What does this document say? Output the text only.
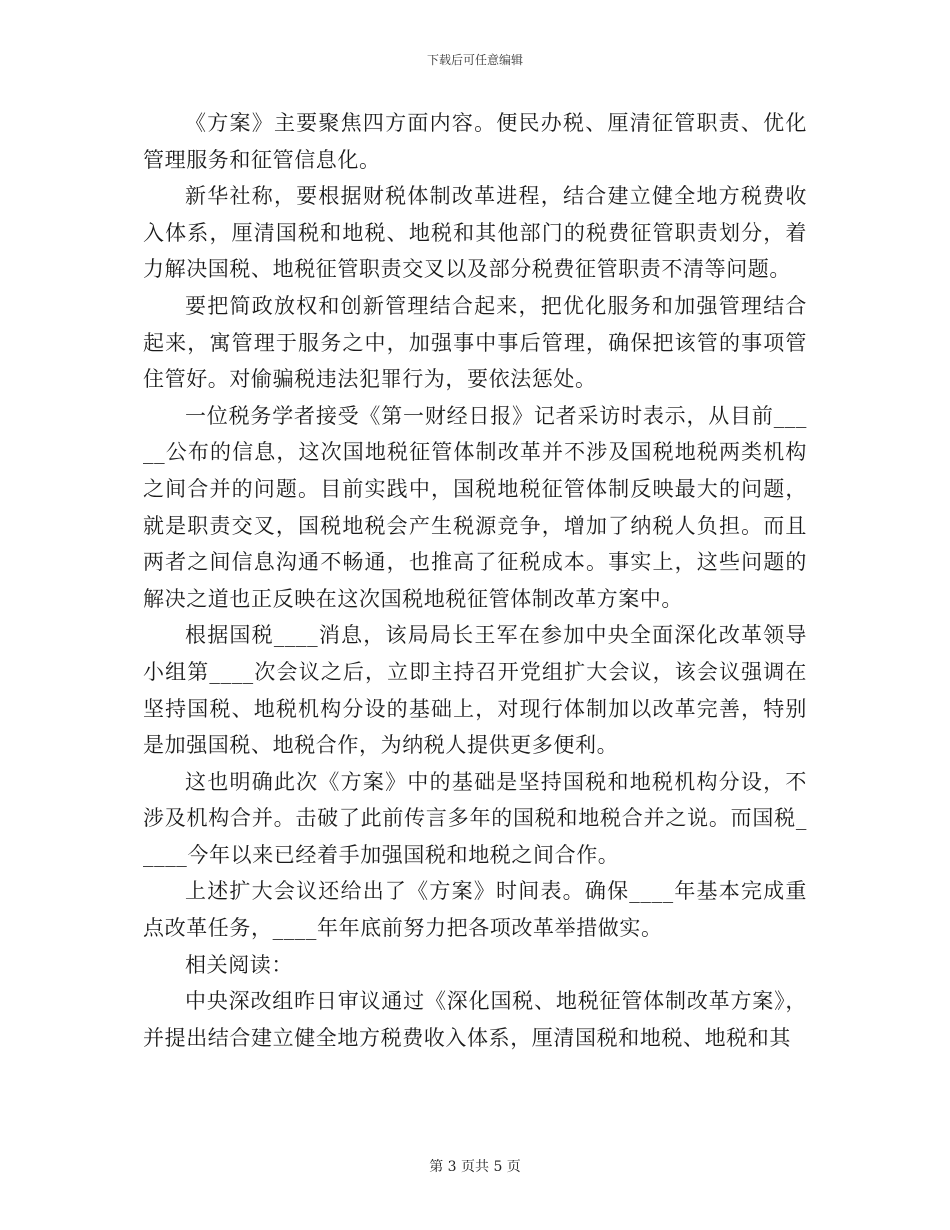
下载后可任意编辑

《方案》主要聚焦四方面内容。便民办税、厘清征管职责、优化管理服务和征管信息化。

新华社称，要根据财税体制改革进程，结合建立健全地方税费收入体系，厘清国税和地税、地税和其他部门的税费征管职责划分，着力解决国税、地税征管职责交叉以及部分税费征管职责不清等问题。

要把简政放权和创新管理结合起来，把优化服务和加强管理结合起来，寓管理于服务之中，加强事中事后管理，确保把该管的事项管住管好。对偷骗税违法犯罪行为，要依法惩处。

一位税务学者接受《第一财经日报》记者采访时表示，从目前_____公布的信息，这次国地税征管体制改革并不涉及国税地税两类机构之间合并的问题。目前实践中，国税地税征管体制反映最大的问题，就是职责交叉，国税地税会产生税源竞争，增加了纳税人负担。而且两者之间信息沟通不畅通，也推高了征税成本。事实上，这些问题的解决之道也正反映在这次国税地税征管体制改革方案中。

根据国税____消息，该局局长王军在参加中央全面深化改革领导小组第____次会议之后，立即主持召开党组扩大会议，该会议强调在坚持国税、地税机构分设的基础上，对现行体制加以改革完善，特别是加强国税、地税合作，为纳税人提供更多便利。

这也明确此次《方案》中的基础是坚持国税和地税机构分设，不涉及机构合并。击破了此前传言多年的国税和地税合并之说。而国税_____今年以来已经着手加强国税和地税之间合作。

上述扩大会议还给出了《方案》时间表。确保____年基本完成重点改革任务，____年年底前努力把各项改革举措做实。

相关阅读：

中央深改组昨日审议通过《深化国税、地税征管体制改革方案》，并提出结合建立健全地方税费收入体系，厘清国税和地税、地税和其

第 3 页共 5 页
